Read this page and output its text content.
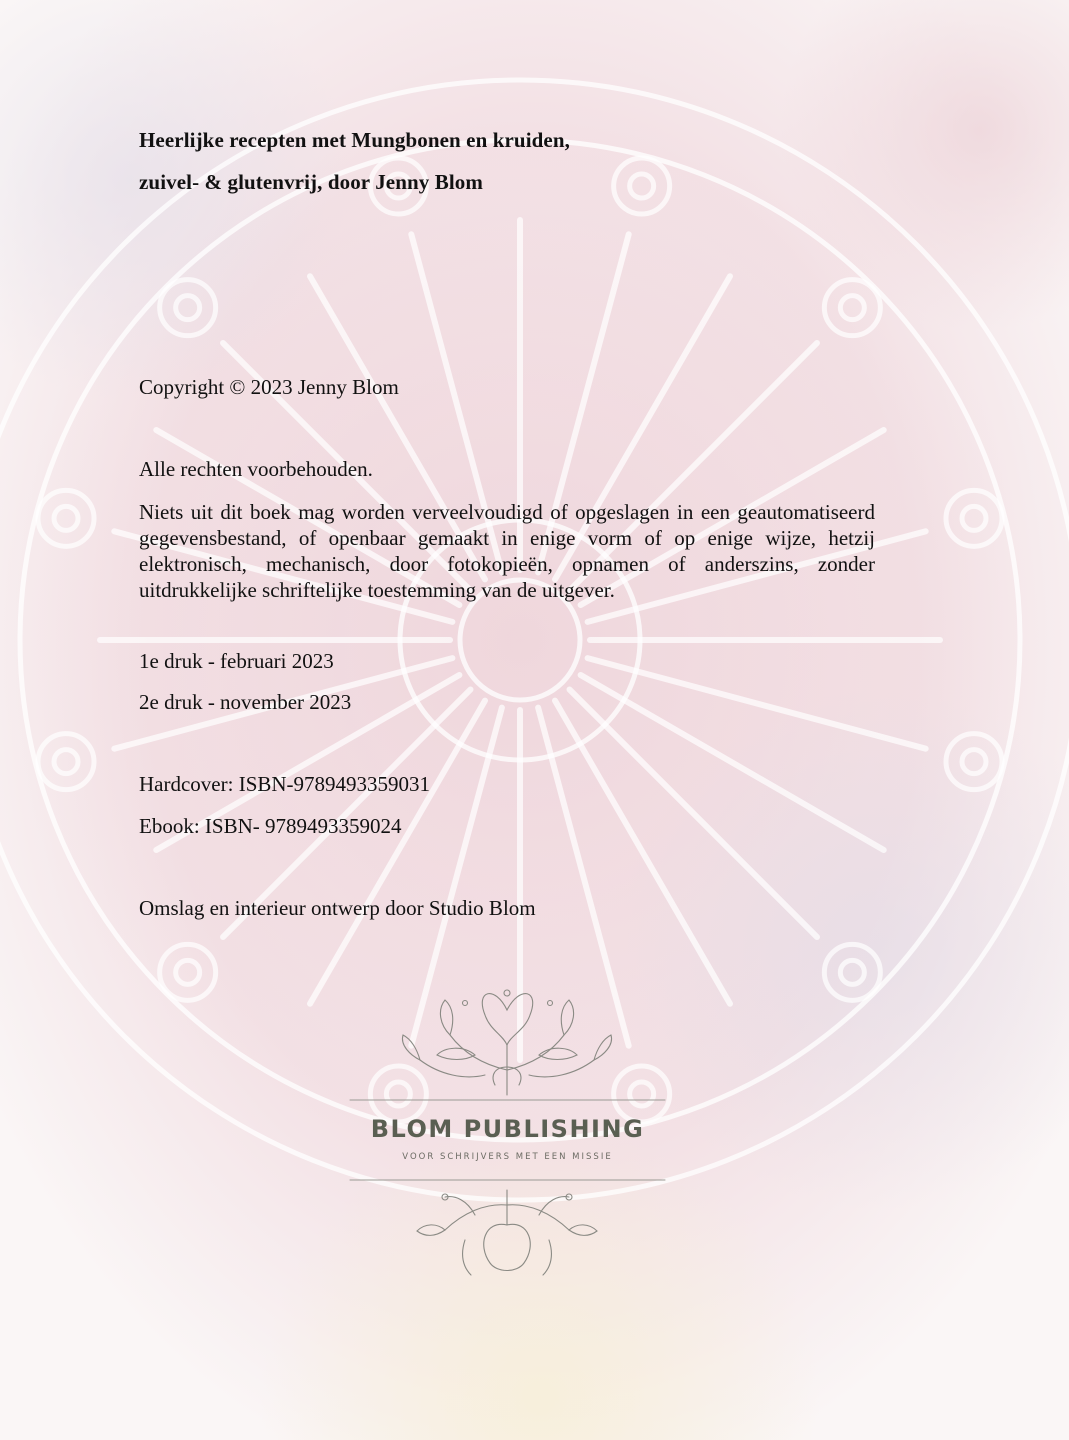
Heerlijke recepten met Mungbonen en kruiden,
zuivel- & glutenvrij, door Jenny Blom
Copyright © 2023 Jenny Blom
Alle rechten voorbehouden.
Niets uit dit boek mag worden verveelvoudigd of opgeslagen in een geautomatiseerd gegevensbestand, of openbaar gemaakt in enige vorm of op enige wijze, hetzij elektronisch, mechanisch, door fotokopieën, opnamen of anderszins, zonder uitdrukkelijke schriftelijke toestemming van de uitgever.
1e druk - februari 2023
2e druk - november 2023
Hardcover: ISBN-9789493359031
Ebook: ISBN- 9789493359024
Omslag en interieur ontwerp door Studio Blom
BLOM PUBLISHING
VOOR SCHRIJVERS MET EEN MISSIE
